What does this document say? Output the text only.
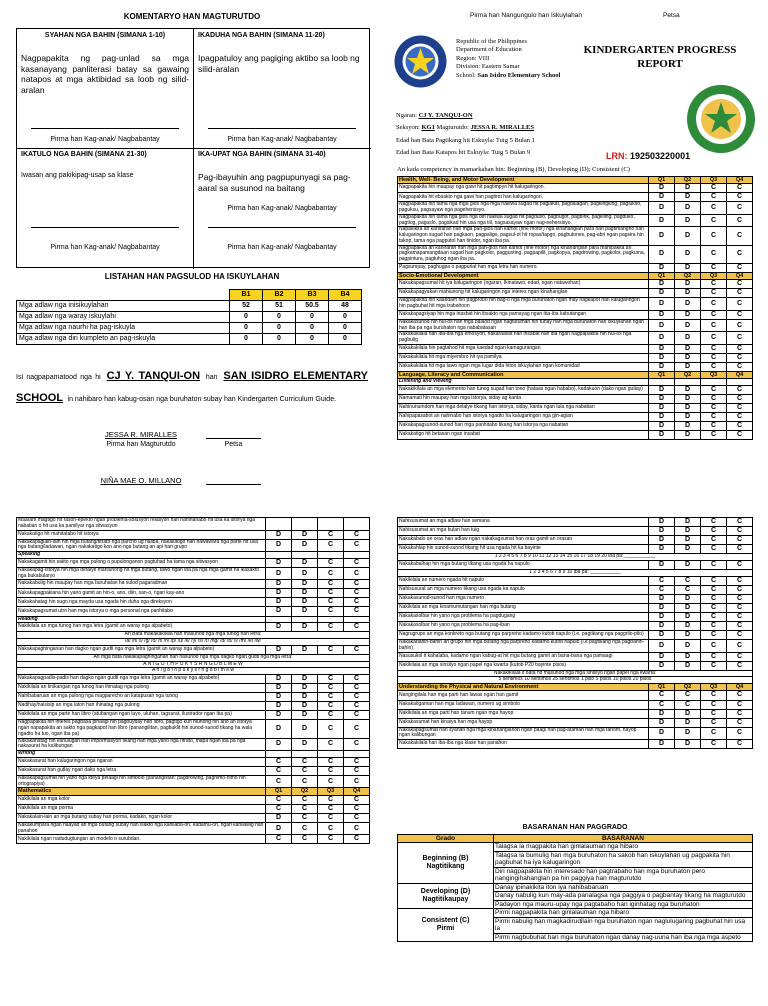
KOMENTARYO HAN MAGTURUTDO
SYAHAN NGA BAHIN (SIMANA 1-10)
Nagpapakita ng pag-unlad sa mga kasanayang panliterasi batay sa gawaing natapos at mga aktibidad sa loob ng silid-aralan
Pirma han Kag-anak/ Nagbabantay
IKADUHA NGA BAHIN (SIMANA 11-20)
Ipagpatuloy ang pagiging aktibo sa loob ng silid-aralan
Pirma han Kag-anak/ Nagbabantay
IKATULO NGA BAHIN (SIMANA 21-30)
Iwasan ang pakikipag-usap sa klase
Pirma han Kag-anak/ Nagbabantay
IKA-UPAT NGA BAHIN (SIMANA 31-40)
Pag-ibayuhin ang pagpupunyagi sa pag-aaral sa susunod na baitang
Pirma han Kag-anak/ Nagbabantay
Pirma han Kag-anak/ Nagbabantay
LISTAHAN HAN PAGSULOD HA ISKUYLAHAN
	B1	B2	B3	B4
Mga adlaw nga inisikuylahan	52	51	50.5	48
Mga adlaw nga waray iskuylahi	0	0	0	0
Mga adlaw nga naurhi ha pag-iskuyla	0	0	0	0
Mga adlaw nga diri kumpleto an pag-iskuyla	0	0	0	0
Isi nagpapamatood nga hi CJ Y. TANQUI-ON han SAN ISIDRO ELEMENTARY SCHOOL in nahibaro han kabug-osan nga buruhaton subay han Kindergarten Curriculum Guide.
JESSA R. MIRALLES
Pirma han Magturutdo	Petsa
NIÑA MAE O. MILLANO
Pirma han Nangungulo han Iskuylahan	Petsa
Republic of the Philippines
Department of Education
Region: VIII
Division: Eastern Samar
School: San Isidro Elementary School
KINDERGARTEN PROGRESS
REPORT
Ngaran: CJ Y. TANQUI-ON
Seksyon: KG1 Magturutdo: JESSA R. MIRALLES
Edad han Bata Pagtikang hit Eskuyla: Tuig 5 Bulan 1
Edad han Bata Katapos hit Eskuyla: Tuig 5 Bulan 9	LRN: 192503220001
An kada competency in mamarkahan hin: Beginning (B), Developing (D); Consistent (C)
Health, Well- Being, and Motor Development	Q1	Q2	Q3	Q4
Nagpapakita hin maupay nga gawi hit pagtimpyo hit kalugaringon.	D	D	C	C
Nagpapakita hit ebsakto nga gawi han pagtirot han kalugaringon.	D	D	C	C
Nagpapakita hin tama nga mga gios nga mga nakiwa sugad hit paglakat, pagdalagan, pagkingking, paglukso, paguksu, pagsayaw nga pagehersisyo.	D	D	C	C
Nagpapakita hin tama nga gios nga diri nakiwa sugad hit pagduso, pagbugot, pagbirik, pagkiling, pagduko, pagtiog, paguslo, pagsikad hin usa nga tiil, nagsasayaw ngan nag-eehersisyo.	D	D	C	C
Napakikita an kahiraran han mga pan-gios han kamot (fine motor) nga kinahanglan para han pagtimangno han kalugaringon sugad han pagkaon, pagpaligo, pagsul-ot hit ropas/tapgo, pagbutones, pag-abri ngan pagsira hin takop, tama nga pagputol han tinidor, ngan iba pa.	D	D	C	C
Nagpapakita an kahiraran han mga pan-gios han kamot (fine motor) nga kinahanglan para mahipakita an pagkamapamangdaan sugad han pagkolor, paggunting, pagpapilit, pagkopya, pagdrowing, pagkolor, pagkuma, pagpintura, pagtuhog ngan iba pa.	D	D	C	C
Pagsumpay, paghugpa o pagpuriat han mga letra han numero.	D	D	C	C
Socio-Emotional Development	Q1	Q2	Q3	Q4
Nakakapagsumat hit iya kalugaringon (ngaran, Ikinatawo, edad, ngan natawohan)	D	D	C	C
Nakakapagyakan mahiunong hit kalugaringon nga interes ngan kinahanglan	D	D	C	C
Nagpapakita hin kaandam hin pagprobo hin bag-o nga mga buruhaton ngan may nagkapot han kalugaringon hin pagbuhat hit mga trabahoon	D	D	C	C
Nakakapagsiyap hin mga inasbat hin ibsakto nga pamayag ngan iba-iba kabutangan	D	D	C	C
Nakakasunod hin hul-os han mga balaod ngan nagtutuman hin tuhay han mga buruhaton han iskuylahan ngan han iba pa nga buruhaton nga nababatasan	D	D	C	C
Nakakakilala han iba-iba nga emosyon, nakaraavat han insabat han iba ngan nagpapakita hin hul-os nga pagbulig	D	D	C	C
Nakakakilala hin pagtahod hit mga kaedad ngan kamagurangan	D	D	C	C
Nakakakilala hit mga miyembro hit iya pamilya	D	D	C	C
Nakakakilala hit mga tawo ngan mga lugar dida hiton iskuylahan ngan komunidad	D	D	C	C
Language, Literacy and Communication	Q1	Q2	Q3	Q4
Listening and Viewing				
Nakakikilala an mga elemento han tunog sugad han tono (hataas ngan hababo), kadakuon (dako ngan gutiay)	D	D	C	C
Namamati hin maupay han mga istorya, siday ag kanta	D	D	C	C
Nahinunumdom han mga detalye tikang han istorya, siday, kanta ngan tula nga nabatian	D	D	C	C
Nahipapasabot an nahinabo han istorya ngadto ha kalugaringon nga gin-agian	D	D	C	C
Nakakapagsunod-sunod han mga panhitabo tikang han istorya nga nabatian	D	D	C	C
Nakakatigo hit betasan ngan insabat	D	D	C	C
Maaram magtigo hit rason-epekto ngan problema-solusyon relasyon han nahinanabo hit usa ka istorya nga nabatian o hit usa ka pamilyar nga sitwasyon				
Nakakatigo hit mahitatabo hit istorya	D	D	C	C
Nakakapaglain-lain hin mga butang/titrato nga parcho ug naiiba, nakakatigo han nawawara nga parte hit usa nga butang/ladawan, ngan nakakatigo kon ano nga butang an api han grupo	D	D	C	C
Speaking				
Nakakagamit hin sakto nga mga pulong o pupulonganon pagtuhad ha tama nga sitwasyon	D	D	C	C
Nakakapag-istorya hin mga detalye mahiunong hit mga butang, tawo ngan iba pa nga mga gamit ha ikasakto nga bukabularyo	D	D	C	C
Nakakabulig hin maupay han mga buruhatan ha sulod pagaradman	D	D	C	C
Nakakapagpakiana hin yano gamit an hin-o, ano, diin, san-o, ngan kay-ano	D	D	C	C
Nakakahatag hin sugo nga mayda usa ngada hin duha nga direksyon	D	D	C	C
Nakakapagsumat utro han mga istorya o mga personal nga panhitabo	D	D	C	C
Reading				
Nakikilala an mga tunog han mga letra (gamit an waray nga alpabeto)	D	D	C	C
An Bata makakakilala han masunod nga mga tunog han letra:				
/a/ /n/ /i/ /g/ /o/ /t/ /h/ /p/ /u/ /k/ /y/ /s/ /r/ /ng/ /d/ /b/ /l/ /m/ /e/ /w/				
Nakakapaghinganan han dagko ngan gudti nga mga letra (gamit an waray nga alpabeto)	D	D	C	C
An mga bata nakakapaghinganan han nasunod nga mga dagko ngan gudti nga mga letra:				
A N I G O T H P U K Y S R N G D B L M E W				
A n i g o t h p u k y s r n g d b l m e w				
Nakakapagpadis-padis han dagko ngan gudti nga mga letra (gamit an waray nga alpabeto)	D	D	C	C
Nakikilala an tinikangan nga tunog han ihinatag nga pulong	D	D	C	C
Nahibabaruan an mga pulong nga magparecho an katapusan nga tunog	D	D	C	C
Nadihay/naisisip an mga laton han ihinatag nga pulong	D	D	C	C
Nakikilala an mga parte han libro (atubangan ngan luyo, uluhan, tagsurat, ilustrador ngan iba pa)	D	D	C	C
Nagpapakita hin interes pagbasa pinaagi hin pagbuybay han libro, pagtigo kun hiunong hin ano an istorya ngan napapakita an sakto nga pagkapot han libro (panangilitan, pagbuklit hin sunod-sunod tikang ha wala ngadto ha tuo, ngan iba pa)	D	D	C	C
Nakakahatag hin kahulugan han impormasyon tikang han mga yano nga ritrato, mapa ngan iba pa nga nakasurat ha kalibungan	D	D	C	C
Writing				
Nakakasurat han kalugaringon nga ngaran	C	C	C	C
Nakakasurat han gutlay ngan dako nga letra	C	C	C	C
Nakakapagsumat hin yano nga ideya pinaagi hin simbolo (panangilitan: pagdrowing, paghimo-himo hin ortograpiya)	C	C	C	C
Mathematics	Q1	Q2	Q3	Q4
Nakikilala an mga kolor	C	C	C	C
Nakikilala an mga porma	C	C	C	C
Nakakalain-lain an mga butang subay han porma, kadako, ngan kolor	D	C	C	C
Nakakumpara ngan naayad an mga butang subay han isakto nga kahilaba-on, kadamu-on, ngan kahilawig han panahon	D	C	C	C
Nakikilala ngan nadudugtungan an modelo o surubdan.	C	C	C	C
Nahisusumat an mga adlaw han semana	D	D	C	C
Nahisusumat an mga bulan han tuig	D	D	C	C
Nakakabalo an oras han adlaw ngan nakakagsumat han oras gamit an orasan	D	D	C	C
Nakakahlap hin sunod-sunod tikang hit usa ngada hit ka bayinte	D	D	C	C
1 2 3 4 5 6 7 8 9 10 11 12 13 14 15 16 17 18 19 20 iba pa: ___________				
Nakakabalhap hin mga butang tikang usa ngada ha napulo	D	D	C	C
1 2 3 4 5 6 7 8 9 10 iba pa: ___________				
Nakikilala an numero ngada hit napulo	C	C	C	C
Nahisusurat an mga numero tikang usa ngada ka napulo	C	C	C	C
Nakakasunod-sunod han mga numero	D	D	C	C
Nakikilala an mga kinamumutangan han mga butang	D	D	C	C
Nakakasolbar hin yano nga problema ha pagdugang	D	D	C	C
Nakakasolbar hin yano nga problema ha pag-iban	D	D	C	C
Nagrugrupo an mga konkreto nga butang nga parpreho kadamo kutob napulo (i.e. pagtikang nga paggrilo-pilo)	D	D	C	C
Nakakabahin-bahin an grupo hin mga butang nga parpreho kadamo kutob napulo (i.e pagtikang nga pagbahin-bahin)	D	D	C	C
Nasusukol it kahalaba, kadamo ngan kabug-at hit mga butang gamit an bana-bana nga pamaagi	D	D	C	C
Nakikilala an mga sinsilyo ngan papel nga kwarta (kutob P20 bayinte pisos)	D	D	C	C
Nakakikilala it bata hit masunod nga mga sinsilyo ngan papel nga kwarta:				
5 sentimos 10 sentimos 25 sentimos 1 piso 5 pisos 10 pisos 20 pisos				
Understanding the Physical and Natural Environment	Q1	Q2	Q3	Q4
Nangingilala han mga parti han lawas ngan han gamit	C	C	C	C
Nakakatigaman han mga ladawan, numero ug simbolo	C	C	C	C
Nakikilala an mga parti han tanum ngan mga hayop	D	D	C	C
Nakakasumat han kinaiya han mga hayop	D	D	C	C
Nakakapagsumat han syahan nga mga kinahanglanon ngan paagi han pag-ataman han mga tanom, hayop ngan kalibungan	D	D	C	C
Nakakakilala han iba-iba nga klase han panahon	D	D	C	C
BASARANAN HAN PAGGRADO
Grado	BASARANAN

Beginning (B)
Nagtitikang	Talagsa la magpakita han ginlalauman nga hibaro
	Talagsa la bumulig han mga buruhaton ha sakob han iskuylahan ug pagpakita hin pagbuhat ha iya kalugaringon
	Diri nagpapakita hin interesado han pagtrabaho han mga buruhaton pero nangingihahanglan pa hin paggiya han magturutdo

Developing (D)
Nagtitikaupay	Danay ipinakikita iton iya nahibabaruan
	Danay nabulig kun may-ada panalagsa nga paggiya o pagbantay tikang ha magturutdo
	Padayon nga mauru-upay nga pagtabaho han iginhatag nga buruhaton

Consistent (C)
Pirmi	Pirmi nagpapakita han ginlalauman nga hibaro
	Pirmi nabulig han magkadirudilain nga buruhaton ngan naglulugaring pagbuhat hin usa la
	Pirmi nagbubuhat han mga buruhaton ngan danay nag-uuna han iba nga mga aspeto
